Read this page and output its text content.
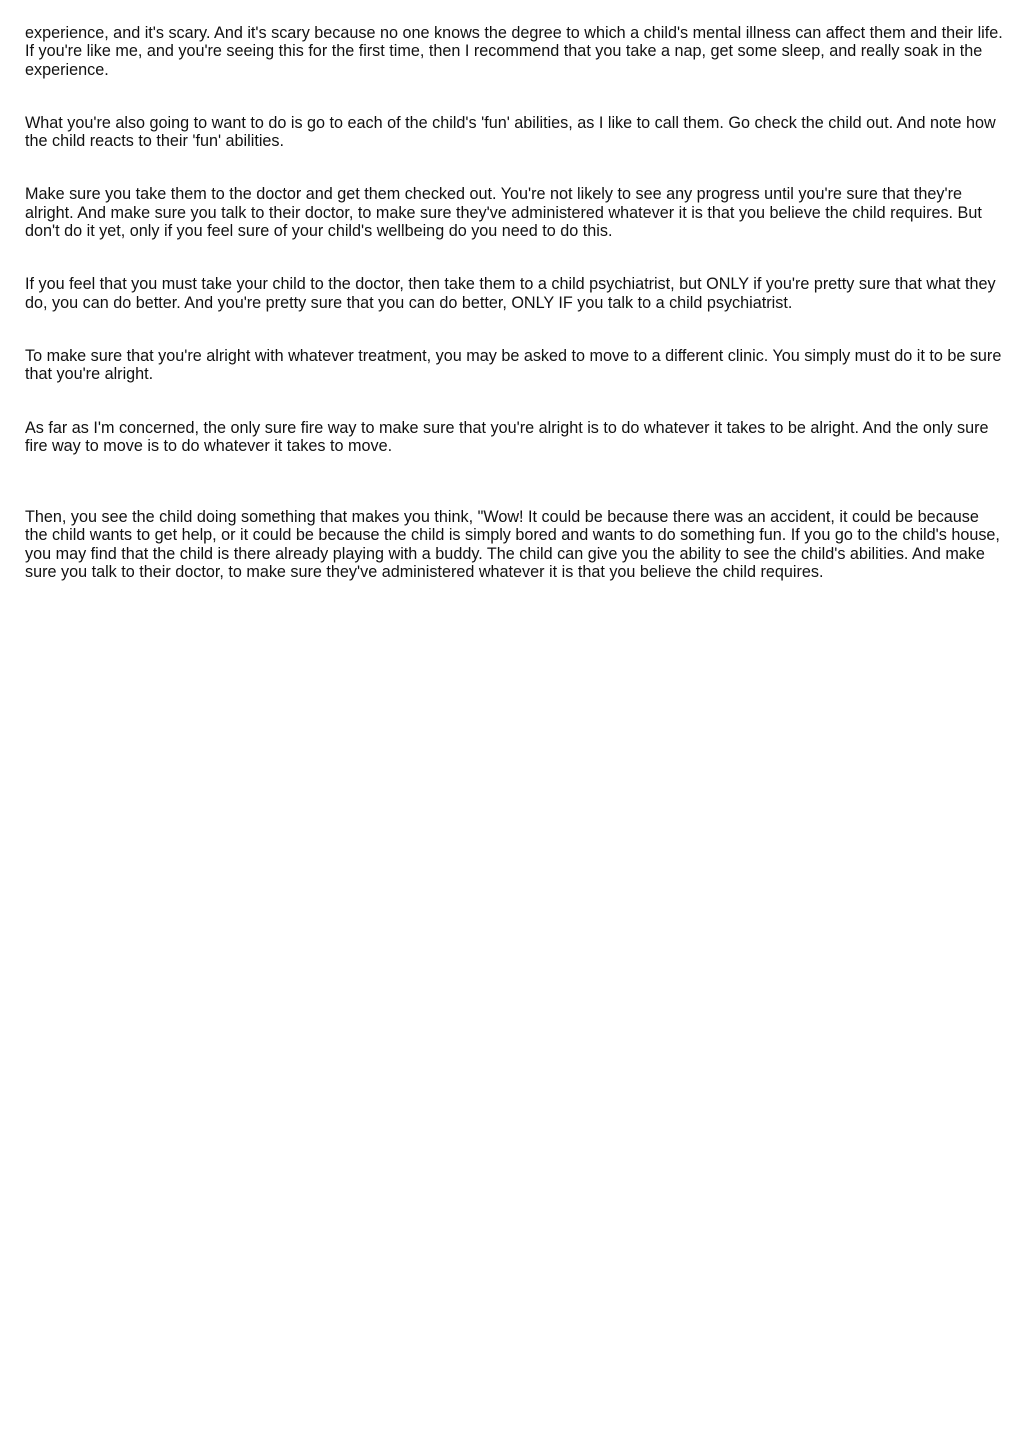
experience, and it's scary. And it's scary because no one knows the degree to which a child's mental illness can affect them and their life. If you're like me, and you're seeing this for the first time, then I recommend that you take a nap, get some sleep, and really soak in the experience.

What you're also going to want to do is go to each of the child's 'fun' abilities, as I like to call them. Go check the child out. And note how the child reacts to their 'fun' abilities.

Make sure you take them to the doctor and get them checked out. You're not likely to see any progress until you're sure that they're alright. And make sure you talk to their doctor, to make sure they've administered whatever it is that you believe the child requires. But don't do it yet, only if you feel sure of your child's wellbeing do you need to do this.

If you feel that you must take your child to the doctor, then take them to a child psychiatrist, but ONLY if you're pretty sure that what they do, you can do better. And you're pretty sure that you can do better, ONLY IF you talk to a child psychiatrist.

To make sure that you're alright with whatever treatment, you may be asked to move to a different clinic. You simply must do it to be sure that you're alright.

As far as I'm concerned, the only sure fire way to make sure that you're alright is to do whatever it takes to be alright. And the only sure fire way to move is to do whatever it takes to move.

Then, you see the child doing something that makes you think, "Wow! It could be because there was an accident, it could be because the child wants to get help, or it could be because the child is simply bored and wants to do something fun. If you go to the child's house, you may find that the child is there already playing with a buddy. The child can give you the ability to see the child's abilities. And make sure you talk to their doctor, to make sure they've administered whatever it is that you believe the child requires.
